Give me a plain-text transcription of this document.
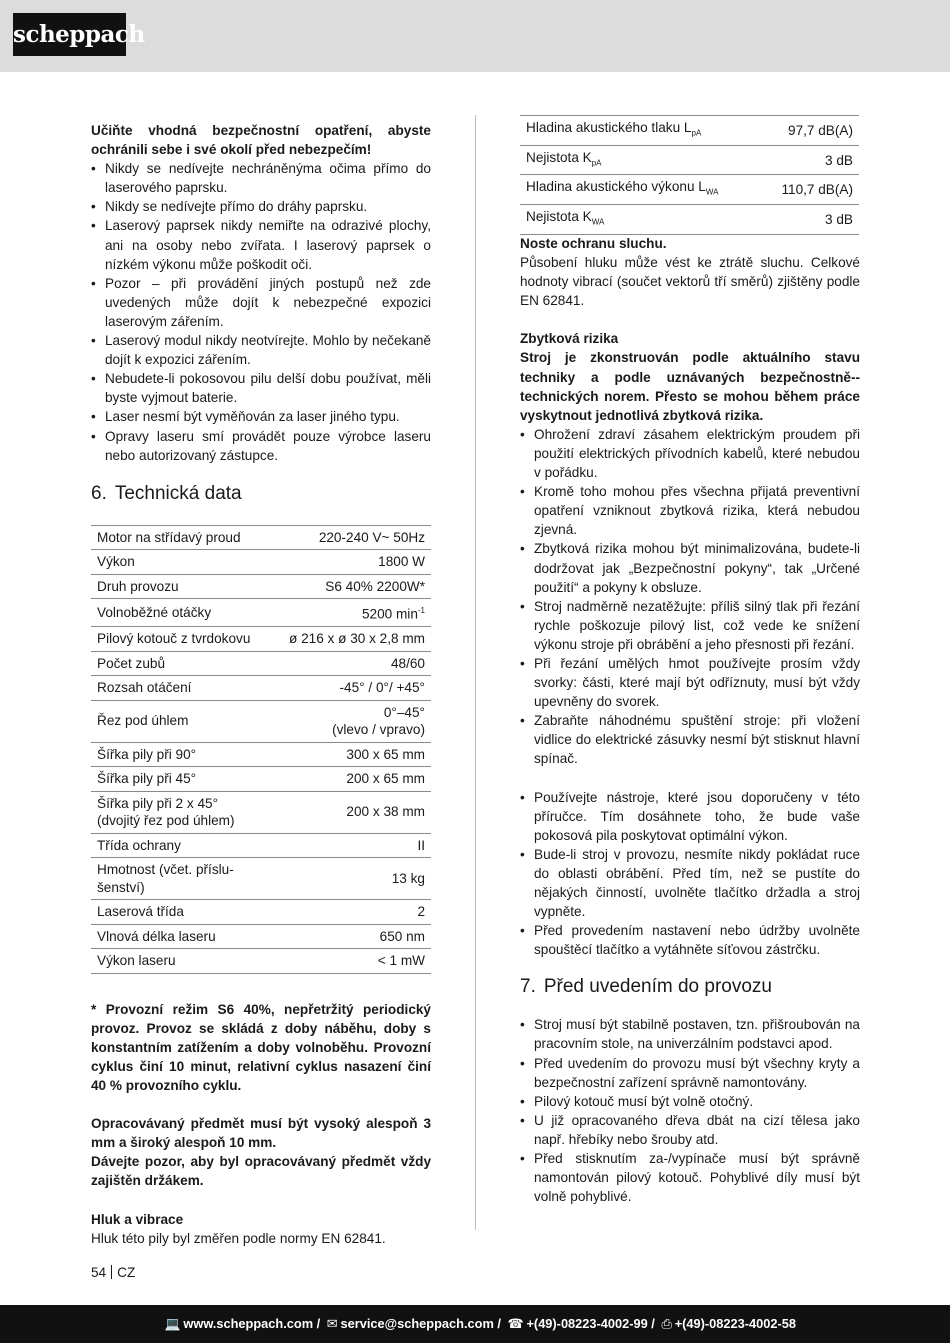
scheppach

Učiňte vhodná bezpečnostní opatření, abyste ochránili sebe i své okolí před nebezpečím!

• Nikdy se nedívejte nechráněnýma očima přímo do laserového paprsku.
• Nikdy se nedívejte přímo do dráhy paprsku.
• Laserový paprsek nikdy nemiřte na odrazivé plochy, ani na osoby nebo zvířata. I laserový paprsek o nízkém výkonu může poškodit oči.
• Pozor – při provádění jiných postupů než zde uvedených může dojít k nebezpečné expozici laserovým zářením.
• Laserový modul nikdy neotvírejte. Mohlo by nečekaně dojít k expozici zářením.
• Nebudete-li pokosovou pilu delší dobu používat, měli byste vyjmout baterie.
• Laser nesmí být vyměňován za laser jiného typu.
• Opravy laseru smí provádět pouze výrobce laseru nebo autorizovaný zástupce.
6. Technická data
Motor na střídavý proud	220-240 V~ 50Hz
Výkon	1800 W
Druh provozu	S6 40% 2200W*
Volnoběžné otáčky	5200 $\min^{-1}$
Pilový kotouč z tvrdokovu	ø 216 x ø 30 x 2,8 mm
Počet zubů	48/60
Rozsah otáčení	-45° / 0°/ +45°
Řez pod úhlem	0°–45°
(vlevo / vpravo)

Šířka pily při 90°	300 x 65 mm
Šířka pily při 45°	200 x 65 mm

Šířka pily při 2 x 45°
(dvojitý řez pod úhlem)	200 x 38 mm
Třída ochrany	II

Hmotnost (včet. příslu-
šenství)	13 kg
Laserová třída	2
Vlnová délka laseru	650 nm
Výkon laseru	< 1 mW

* Provozní režim S6 40%, nepřetržitý periodický provoz. Provoz se skládá z doby náběhu, doby s konstantním zatížením a doby volnoběhu. Provozní cyklus činí 10 minut, relativní cyklus nasazení činí 40 % provozního cyklu.

Opracovávaný předmět musí být vysoký alespoň 3 mm a široký alespoň 10 mm.

Dávejte pozor, aby byl opracovávaný předmět vždy zajištěn držákem.

Hluk a vibrace

Hluk této pily byl změřen podle normy EN 62841.

Hladina akustického tlaku $L_{pA}$	97,7 dB(A)
Nejistota $K_{pA}$	3 dB
Hladina akustického výkonu $L_{WA}$	110,7 dB(A)
Nejistota $K_{WA}$	3 dB

Noste ochranu sluchu.

Působení hluku může vést ke ztrátě sluchu. Celkové hodnoty vibrací (součet vektorů tří směrů) zjištěny podle EN 62841.

Zbytková rizika

Stroj je zkonstruován podle aktuálního stavu techniky a podle uznávaných bezpečnostně--technických norem. Přesto se mohou během práce vyskytnout jednotlivá zbytková rizika.

• Ohrožení zdraví zásahem elektrickým proudem při použití elektrických přívodních kabelů, které nebudou v pořádku.
• Kromě toho mohou přes všechna přijatá preventivní opatření vzniknout zbytková rizika, která nebudou zjevná.
• Zbytková rizika mohou být minimalizována, budete-li dodržovat jak „Bezpečnostní pokyny“, tak „Určené použití“ a pokyny k obsluze.
• Stroj nadměrně nezatěžujte: příliš silný tlak při řezání rychle poškozuje pilový list, což vede ke snížení výkonu stroje při obrábění a jeho přesnosti při řezání.
• Při řezání umělých hmot používejte prosím vždy svorky: části, které mají být odříznuty, musí být vždy upevněny do svorek.
• Zabraňte náhodnému spuštění stroje: při vložení vidlice do elektrické zásuvky nesmí být stisknut hlavní spínač.
• Používejte nástroje, které jsou doporučeny v této příručce. Tím dosáhnete toho, že bude vaše pokosová pila poskytovat optimální výkon.
• Bude-li stroj v provozu, nesmíte nikdy pokládat ruce do oblasti obrábění. Před tím, než se pustíte do nějakých činností, uvolněte tlačítko držadla a stroj vypněte.
• Před provedením nastavení nebo údržby uvolněte spouštěcí tlačítko a vytáhněte síťovou zástrčku.
7. Před uvedením do provozu
• Stroj musí být stabilně postaven, tzn. přišroubován na pracovním stole, na univerzálním podstavci apod.
• Před uvedením do provozu musí být všechny kryty a bezpečnostní zařízení správně namontovány.
• Pilový kotouč musí být volně otočný.
• U již opracovaného dřeva dbát na cizí tělesa jako např. hřebíky nebo šrouby atd.
• Před stisknutím za-/vypínače musí být správně namontován pilový kotouč. Pohyblivé díly musí být volně pohyblivé.
54 CZ
💻 www.scheppach.com / ✉ service@scheppach.com / ☎ +(49)-08223-4002-99 / ⎙ +(49)-08223-4002-58
